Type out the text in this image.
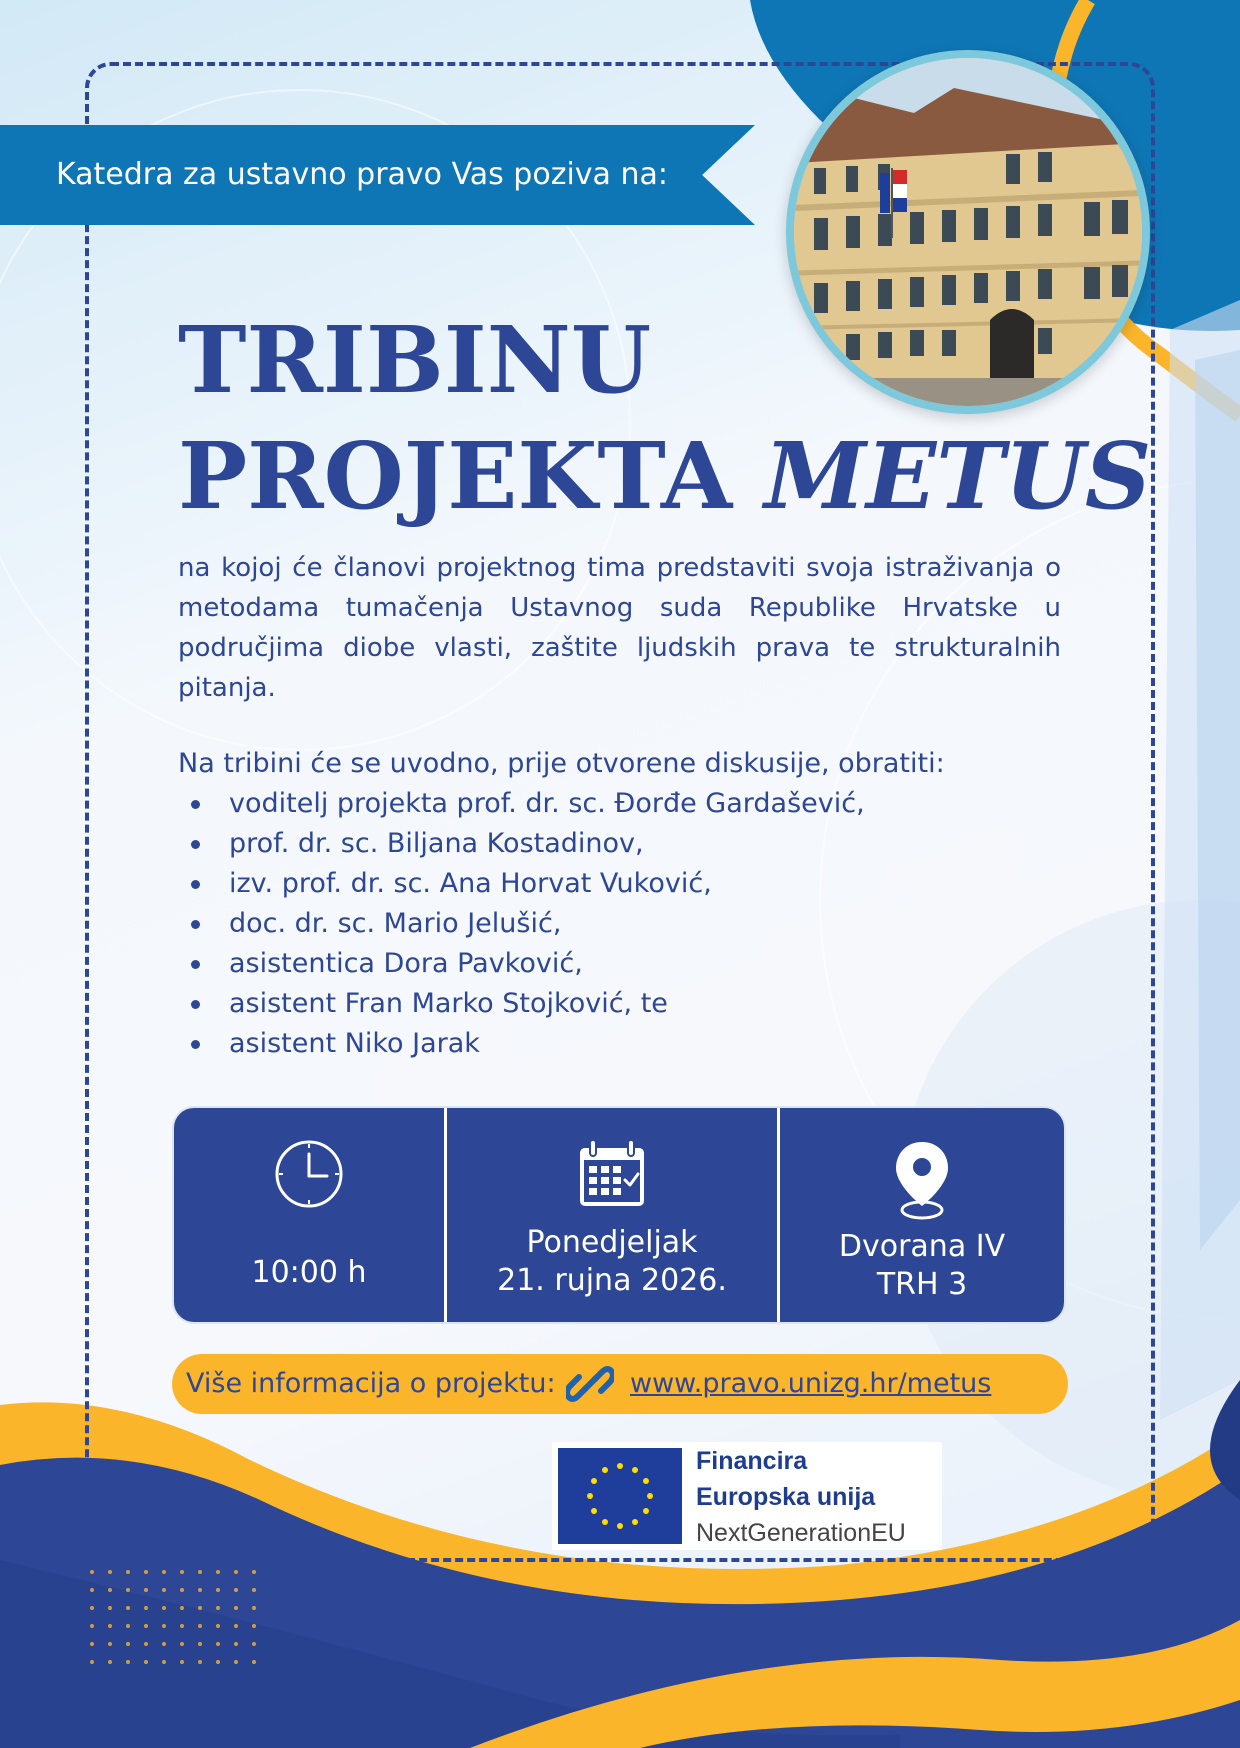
Katedra za ustavno pravo Vas poziva na:
TRIBINU
PROJEKTA METUS

na kojoj će članovi projektnog tima predstaviti svoja istraživanja o metodama tumačenja Ustavnog suda Republike Hrvatske u područjima diobe vlasti, zaštite ljudskih prava te strukturalnih pitanja.

Na tribini će se uvodno, prije otvorene diskusije, obratiti:

voditelj projekta prof. dr. sc. Đorđe Gardašević,
prof. dr. sc. Biljana Kostadinov,
izv. prof. dr. sc. Ana Horvat Vuković,
doc. dr. sc. Mario Jelušić,
asistentica Dora Pavković,
asistent Fran Marko Stojković, te
asistent Niko Jarak
10:00 h
Ponedjeljak
21. rujna 2026.
Dvorana IV
TRH 3
Više informacija o projektu:	www.pravo.unizg.hr/metus
Financira
Europska unija
NextGenerationEU
